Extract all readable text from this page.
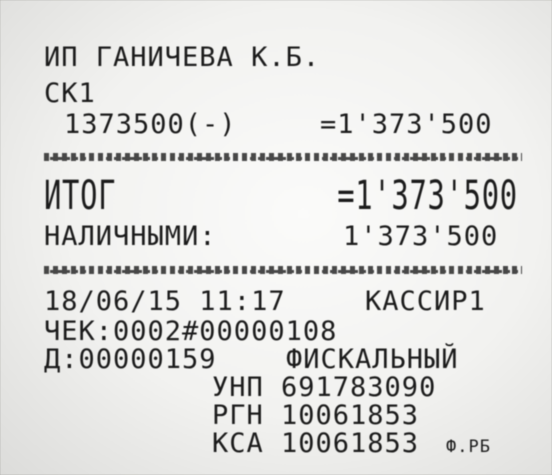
ИП ГАНИЧЕВА К.Б.
СК1
1373500(-)	=1'373'500
ИТОГ	=1'373'500
НАЛИЧНЫМИ:	1'373'500
18/06/15 11:17	КАССИР1
ЧЕК:0002#00000108
Д:00000159	ФИСКАЛЬНЫЙ
УНП 691783090
РГН 10061853
КСА 10061853 Ф.РБ
